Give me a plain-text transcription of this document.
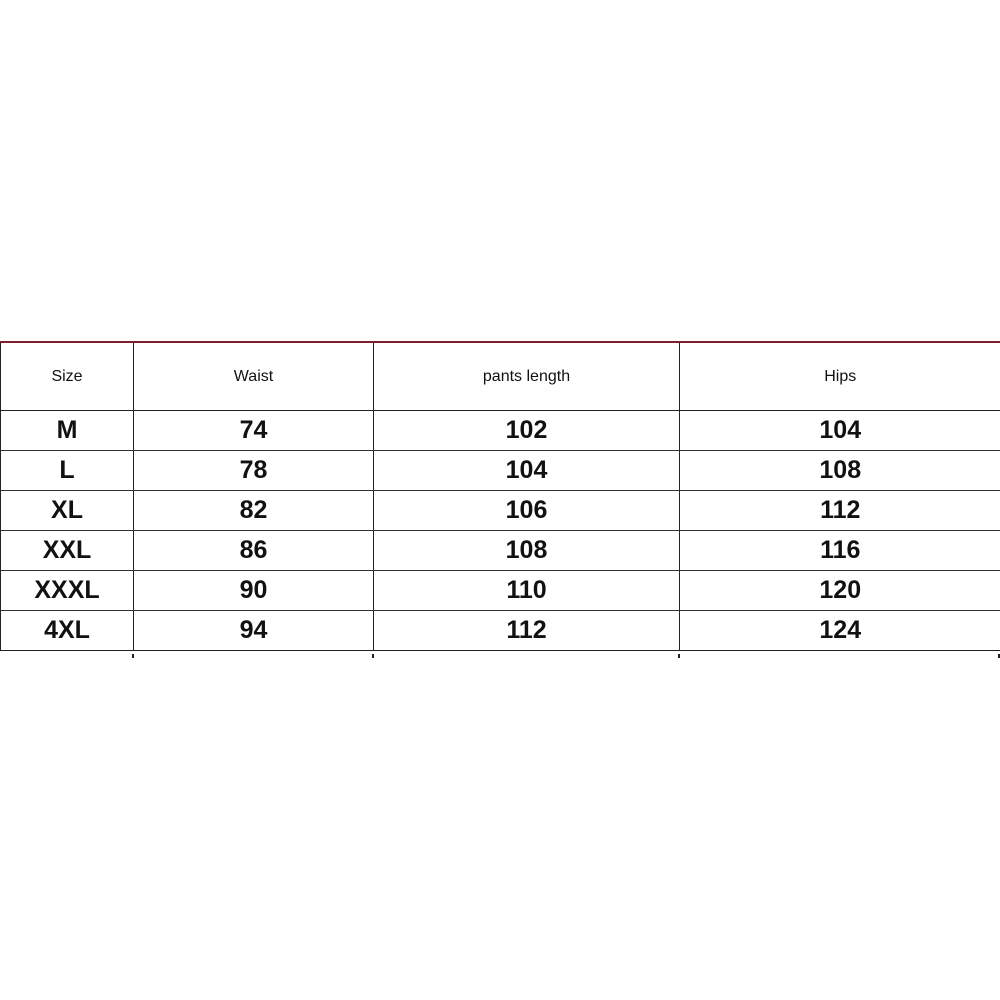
Size	Waist	pants length	Hips
M	74	102	104
L	78	104	108
XL	82	106	112
XXL	86	108	116
XXXL	90	110	120
4XL	94	112	124
